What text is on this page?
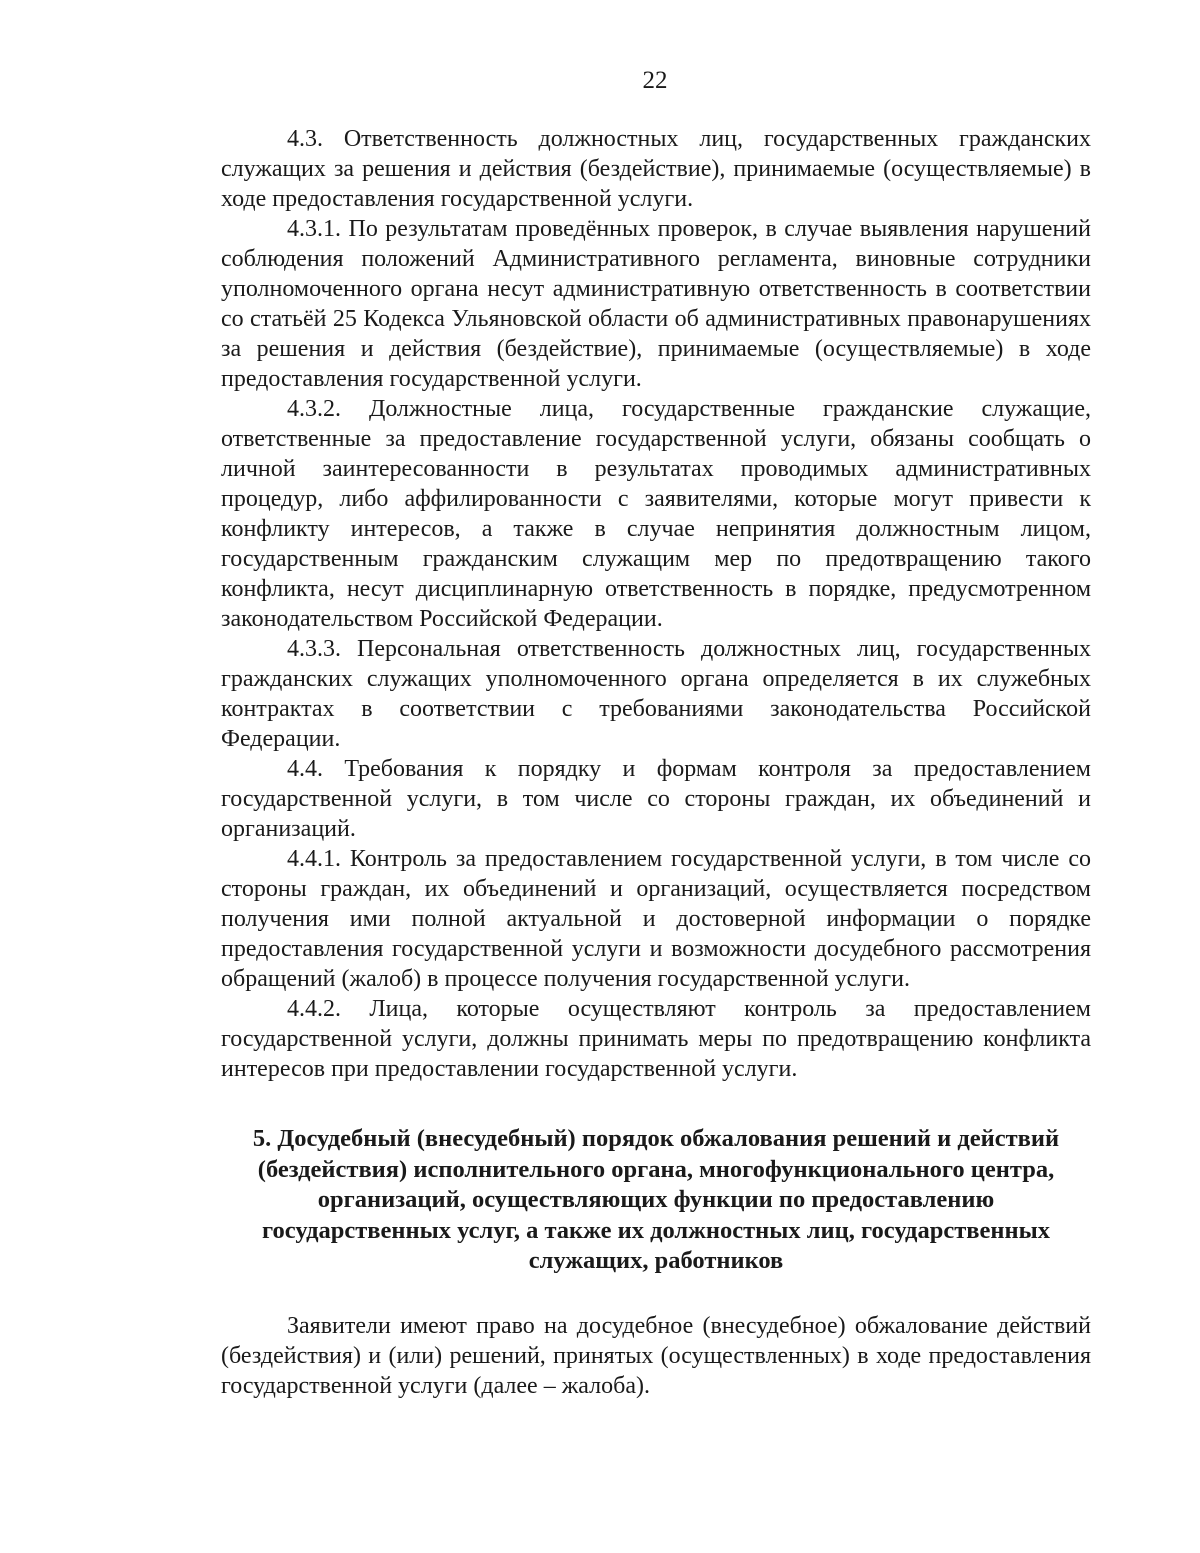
22

4.3. Ответственность должностных лиц, государственных гражданских служащих за решения и действия (бездействие), принимаемые (осуществляемые) в ходе предоставления государственной услуги.

4.3.1. По результатам проведённых проверок, в случае выявления нарушений соблюдения положений Административного регламента, виновные сотрудники уполномоченного органа несут административную ответственность в соответствии со статьёй 25 Кодекса Ульяновской области об административных правонарушениях за решения и действия (бездействие), принимаемые (осуществляемые) в ходе предоставления государственной услуги.

4.3.2. Должностные лица, государственные гражданские служащие, ответственные за предоставление государственной услуги, обязаны сообщать о личной заинтересованности в результатах проводимых административных процедур, либо аффилированности с заявителями, которые могут привести к конфликту интересов, а также в случае непринятия должностным лицом, государственным гражданским служащим мер по предотвращению такого конфликта, несут дисциплинарную ответственность в порядке, предусмотренном законодательством Российской Федерации.

4.3.3. Персональная ответственность должностных лиц, государственных гражданских служащих уполномоченного органа определяется в их служебных контрактах в соответствии с требованиями законодательства Российской Федерации.

4.4. Требования к порядку и формам контроля за предоставлением государственной услуги, в том числе со стороны граждан, их объединений и организаций.

4.4.1. Контроль за предоставлением государственной услуги, в том числе со стороны граждан, их объединений и организаций, осуществляется посредством получения ими полной актуальной и достоверной информации о порядке предоставления государственной услуги и возможности досудебного рассмотрения обращений (жалоб) в процессе получения государственной услуги.

4.4.2. Лица, которые осуществляют контроль за предоставлением государственной услуги, должны принимать меры по предотвращению конфликта интересов при предоставлении государственной услуги.

5. Досудебный (внесудебный) порядок обжалования решений и действий (бездействия) исполнительного органа, многофункционального центра, организаций, осуществляющих функции по предоставлению государственных услуг, а также их должностных лиц, государственных служащих, работников

Заявители имеют право на досудебное (внесудебное) обжалование действий (бездействия) и (или) решений, принятых (осуществленных) в ходе предоставления государственной услуги (далее – жалоба).
